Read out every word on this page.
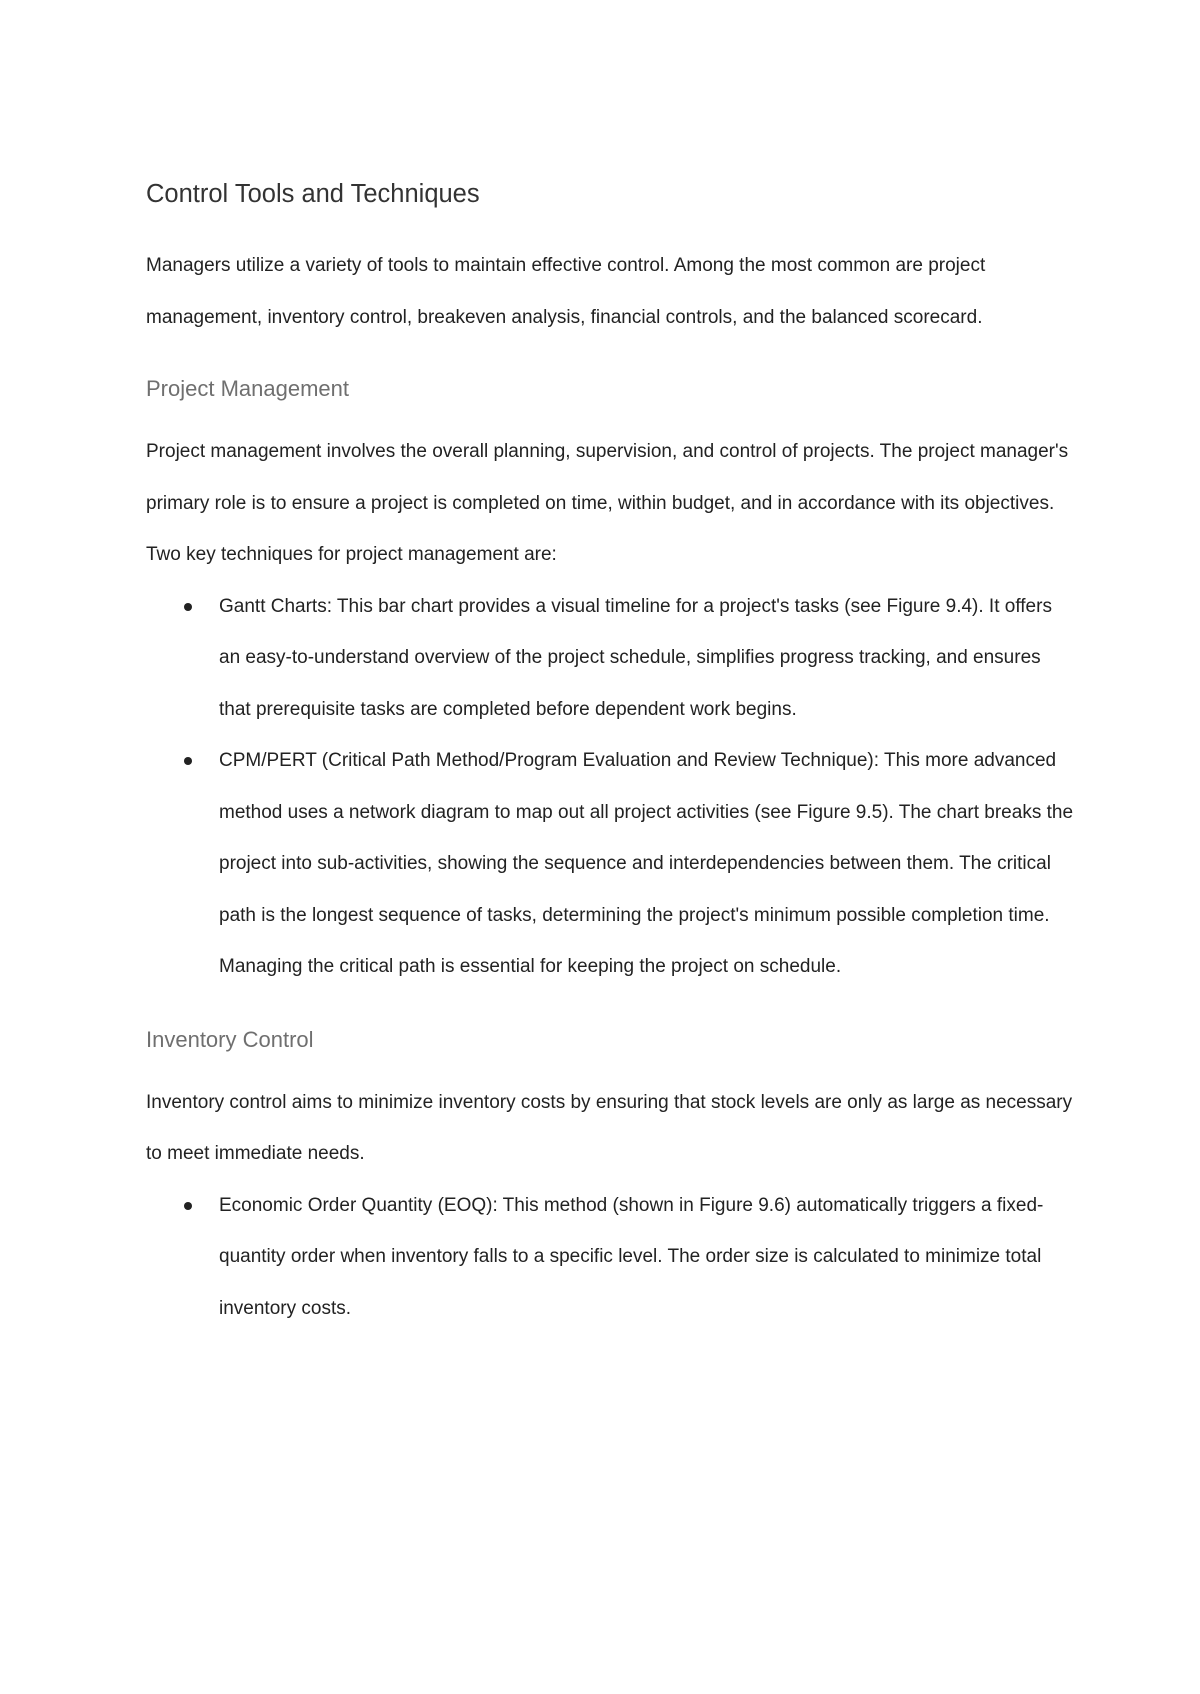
Control Tools and Techniques

Managers utilize a variety of tools to maintain effective control. Among the most common are project management, inventory control, breakeven analysis, financial controls, and the balanced scorecard.

Project Management

Project management involves the overall planning, supervision, and control of projects. The project manager's primary role is to ensure a project is completed on time, within budget, and in accordance with its objectives.

Two key techniques for project management are:

Gantt Charts: This bar chart provides a visual timeline for a project's tasks (see Figure 9.4). It offers an easy-to-understand overview of the project schedule, simplifies progress tracking, and ensures that prerequisite tasks are completed before dependent work begins.
CPM/PERT (Critical Path Method/Program Evaluation and Review Technique): This more advanced method uses a network diagram to map out all project activities (see Figure 9.5). The chart breaks the project into sub-activities, showing the sequence and interdependencies between them. The critical path is the longest sequence of tasks, determining the project's minimum possible completion time. Managing the critical path is essential for keeping the project on schedule.
Inventory Control

Inventory control aims to minimize inventory costs by ensuring that stock levels are only as large as necessary to meet immediate needs.

Economic Order Quantity (EOQ): This method (shown in Figure 9.6) automatically triggers a fixed-quantity order when inventory falls to a specific level. The order size is calculated to minimize total inventory costs.
